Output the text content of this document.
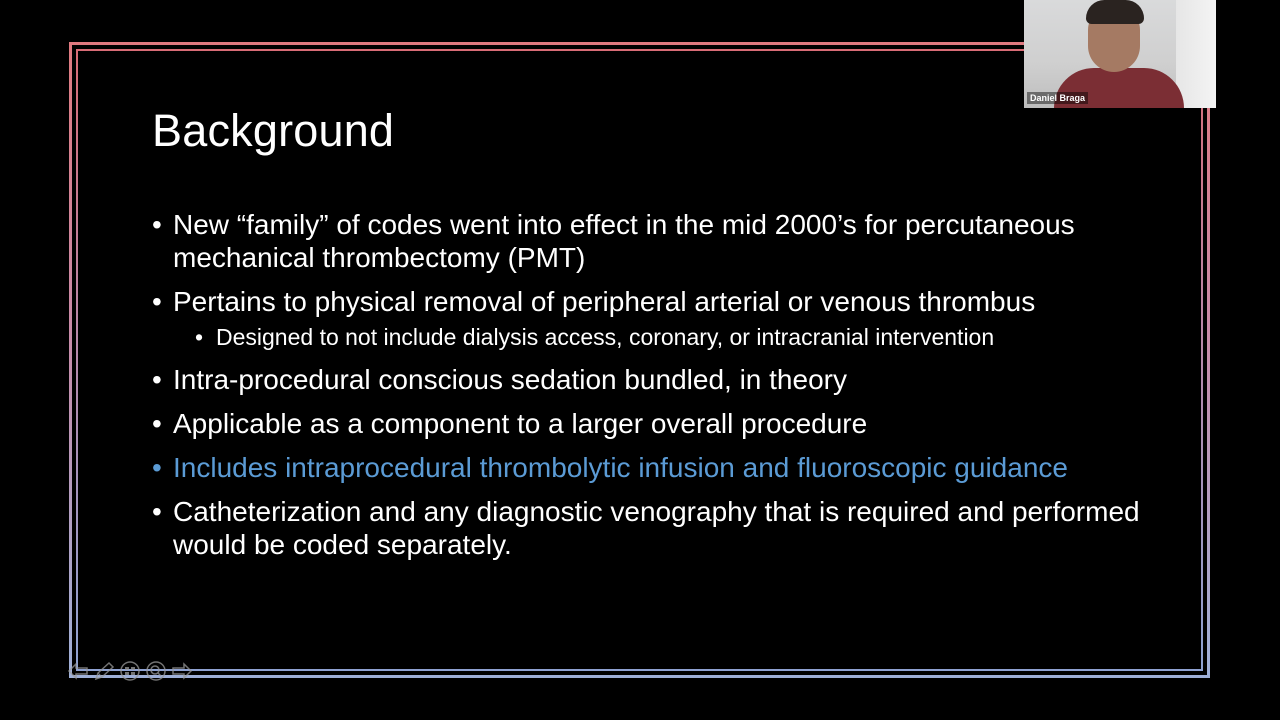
Background
• New “family” of codes went into effect in the mid 2000’s for percutaneous mechanical thrombectomy (PMT)
• Pertains to physical removal of peripheral arterial or venous thrombus
• Designed to not include dialysis access, coronary, or intracranial intervention
• Intra-procedural conscious sedation bundled, in theory
• Applicable as a component to a larger overall procedure
• Includes intraprocedural thrombolytic infusion and fluoroscopic guidance
• Catheterization and any diagnostic venography that is required and performed would be coded separately.
Daniel Braga
